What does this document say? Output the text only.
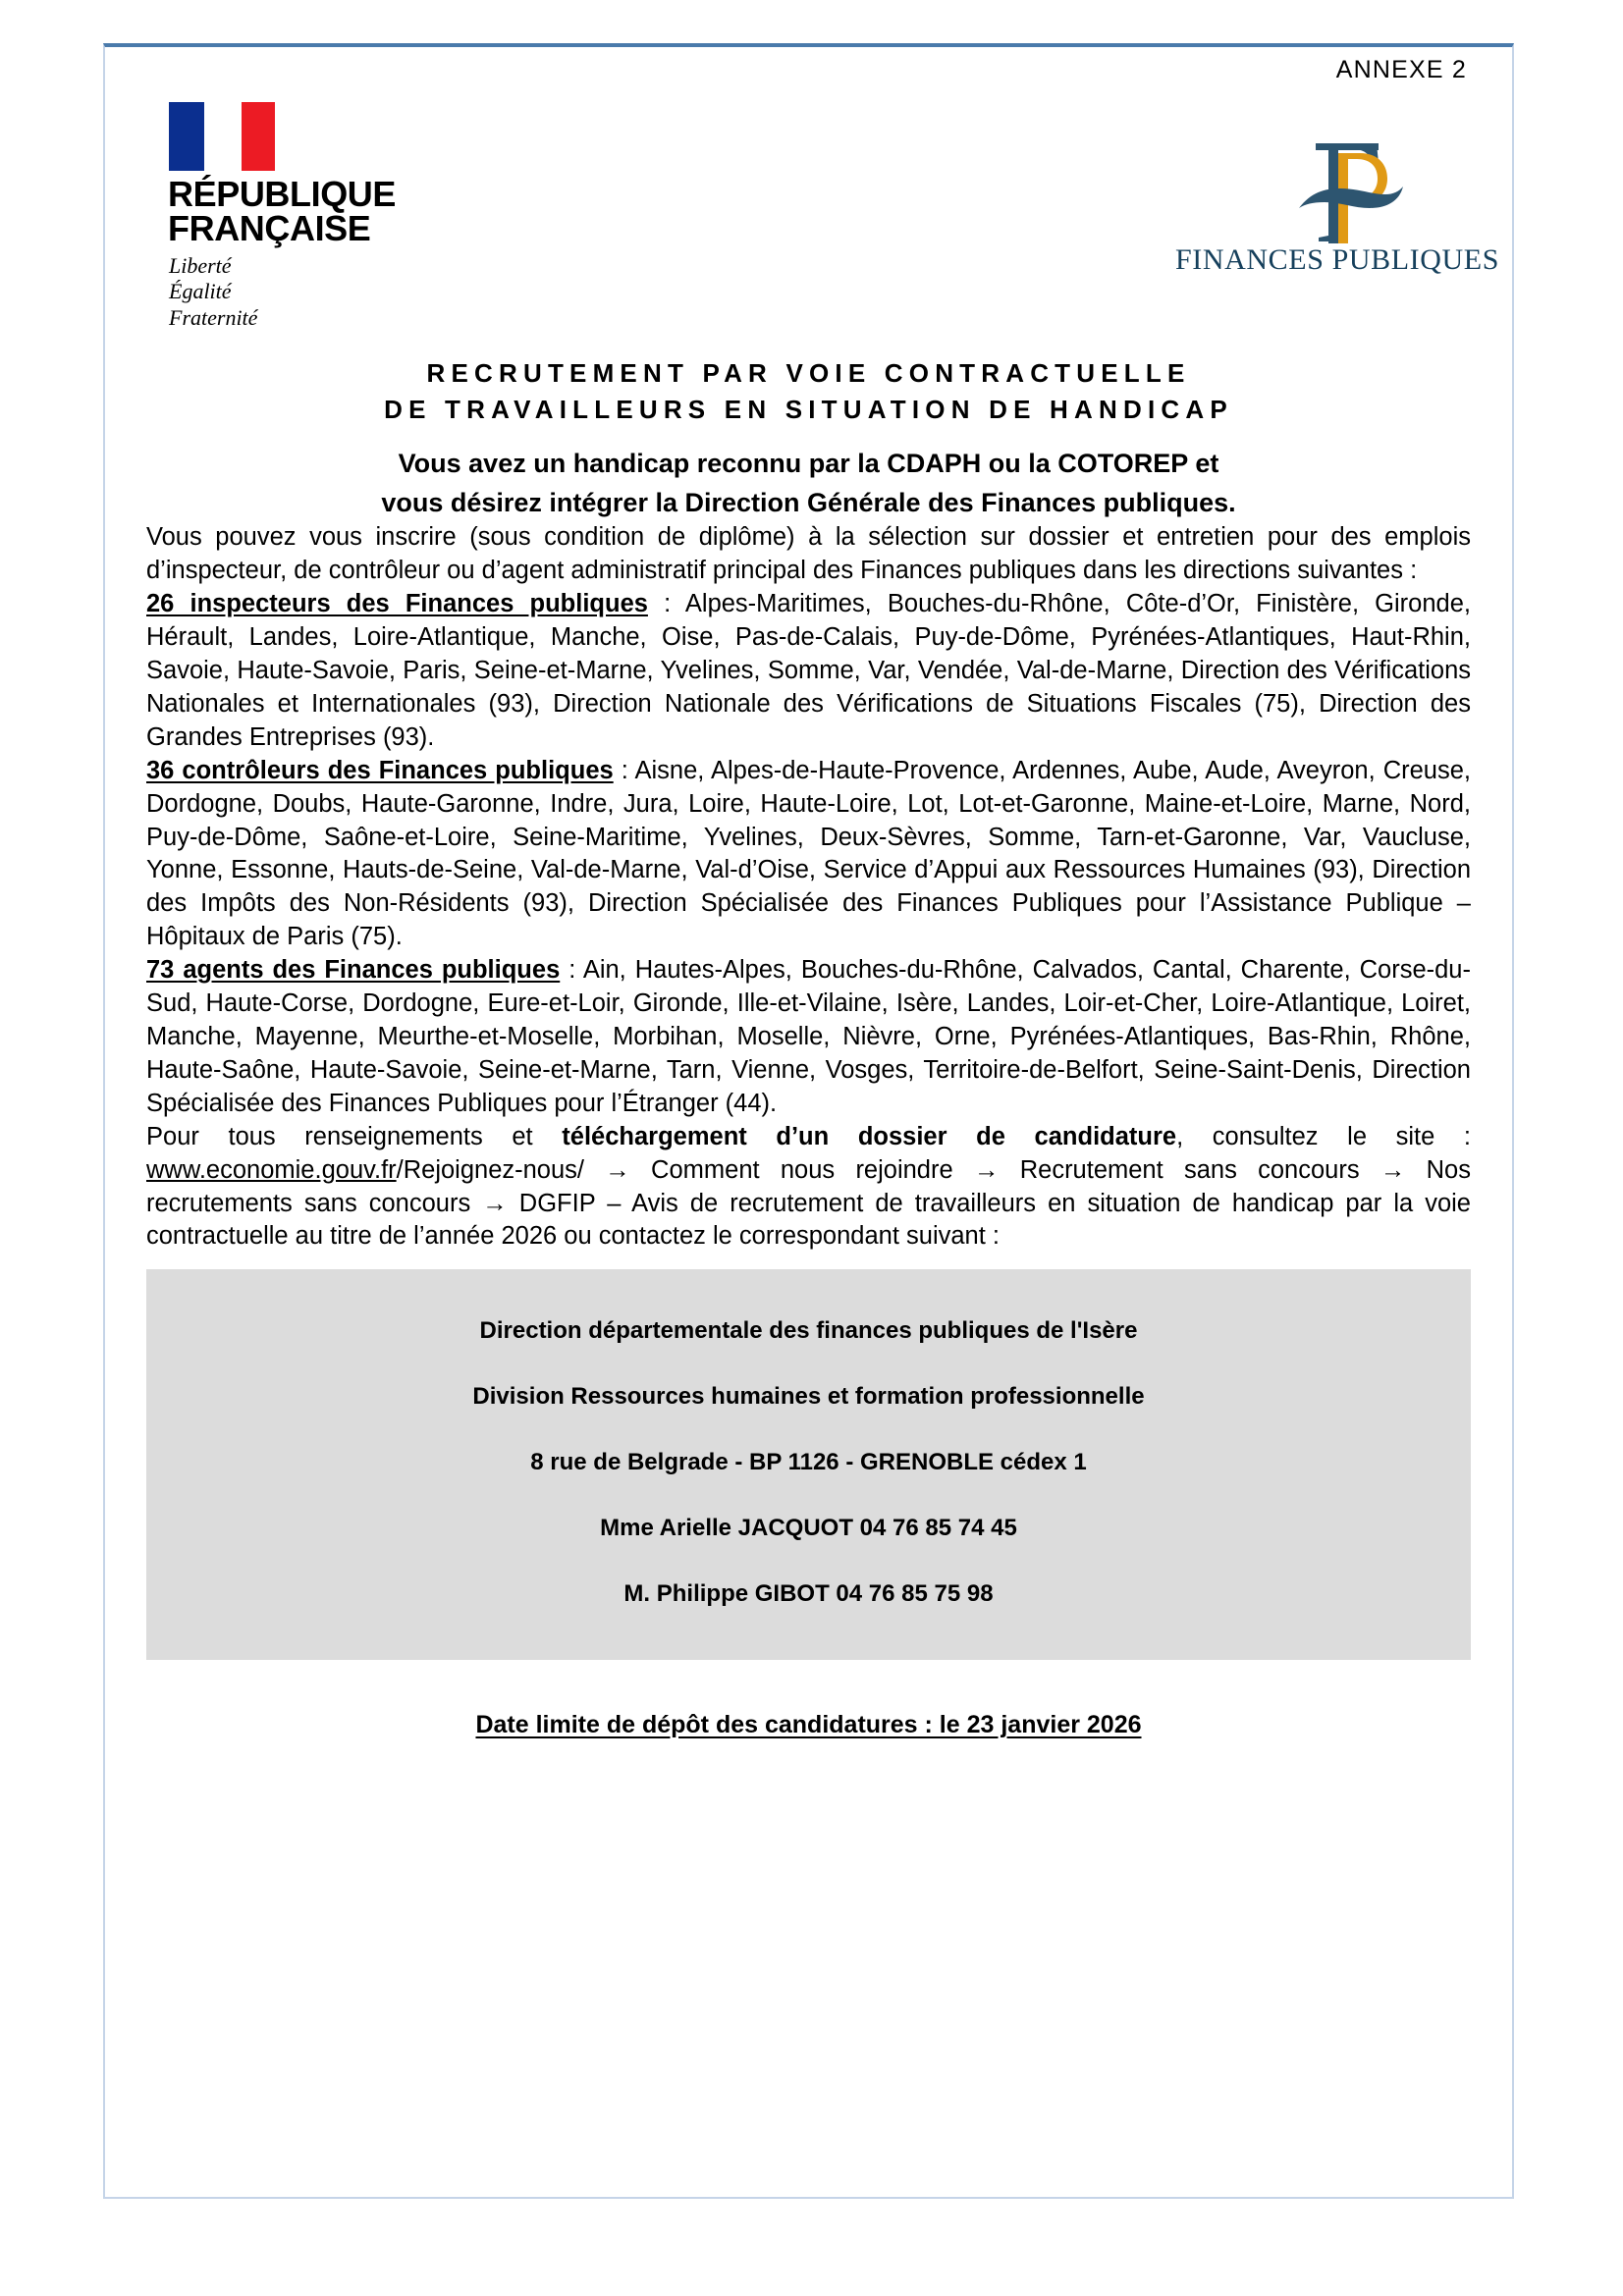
ANNEXE 2
RÉPUBLIQUE
FRANÇAISE
Liberté
Égalité
Fraternité
FINANCES PUBLIQUES
RECRUTEMENT PAR VOIE CONTRACTUELLE
DE TRAVAILLEURS EN SITUATION DE HANDICAP
Vous avez un handicap reconnu par la CDAPH ou la COTOREP et
vous désirez intégrer la Direction Générale des Finances publiques.

Vous pouvez vous inscrire (sous condition de diplôme) à la sélection sur dossier et entretien pour des emplois d’inspecteur, de contrôleur ou d’agent administratif principal des Finances publiques dans les directions suivantes :

26 inspecteurs des Finances publiques : Alpes-Maritimes, Bouches-du-Rhône, Côte-d’Or, Finistère, Gironde, Hérault, Landes, Loire-Atlantique, Manche, Oise, Pas-de-Calais, Puy-de-Dôme, Pyrénées-Atlantiques, Haut-Rhin, Savoie, Haute-Savoie, Paris, Seine-et-Marne, Yvelines, Somme, Var, Vendée, Val-de-Marne, Direction des Vérifications Nationales et Internationales (93), Direction Nationale des Vérifications de Situations Fiscales (75), Direction des Grandes Entreprises (93).

36 contrôleurs des Finances publiques : Aisne, Alpes-de-Haute-Provence, Ardennes, Aube, Aude, Aveyron, Creuse, Dordogne, Doubs, Haute-Garonne, Indre, Jura, Loire, Haute-Loire, Lot, Lot-et-Garonne, Maine-et-Loire, Marne, Nord, Puy-de-Dôme, Saône-et-Loire, Seine-Maritime, Yvelines, Deux-Sèvres, Somme, Tarn-et-Garonne, Var, Vaucluse, Yonne, Essonne, Hauts-de-Seine, Val-de-Marne, Val-d’Oise, Service d’Appui aux Ressources Humaines (93), Direction des Impôts des Non-Résidents (93), Direction Spécialisée des Finances Publiques pour l’Assistance Publique – Hôpitaux de Paris (75).

73 agents des Finances publiques : Ain, Hautes-Alpes, Bouches-du-Rhône, Calvados, Cantal, Charente, Corse-du-Sud, Haute-Corse, Dordogne, Eure-et-Loir, Gironde, Ille-et-Vilaine, Isère, Landes, Loir-et-Cher, Loire-Atlantique, Loiret, Manche, Mayenne, Meurthe-et-Moselle, Morbihan, Moselle, Nièvre, Orne, Pyrénées-Atlantiques, Bas-Rhin, Rhône, Haute-Saône, Haute-Savoie, Seine-et-Marne, Tarn, Vienne, Vosges, Territoire-de-Belfort, Seine-Saint-Denis, Direction Spécialisée des Finances Publiques pour l’Étranger (44).

Pour tous renseignements et téléchargement d’un dossier de candidature, consultez le site : www.economie.gouv.fr/Rejoignez-nous/ → Comment nous rejoindre → Recrutement sans concours → Nos recrutements sans concours → DGFIP – Avis de recrutement de travailleurs en situation de handicap par la voie contractuelle au titre de l’année 2026 ou contactez le correspondant suivant :

Direction départementale des finances publiques de l'Isère

Division Ressources humaines et formation professionnelle

8 rue de Belgrade - BP 1126 - GRENOBLE cédex 1

Mme Arielle JACQUOT 04 76 85 74 45

M. Philippe GIBOT 04 76 85 75 98

Date limite de dépôt des candidatures : le 23 janvier 2026
